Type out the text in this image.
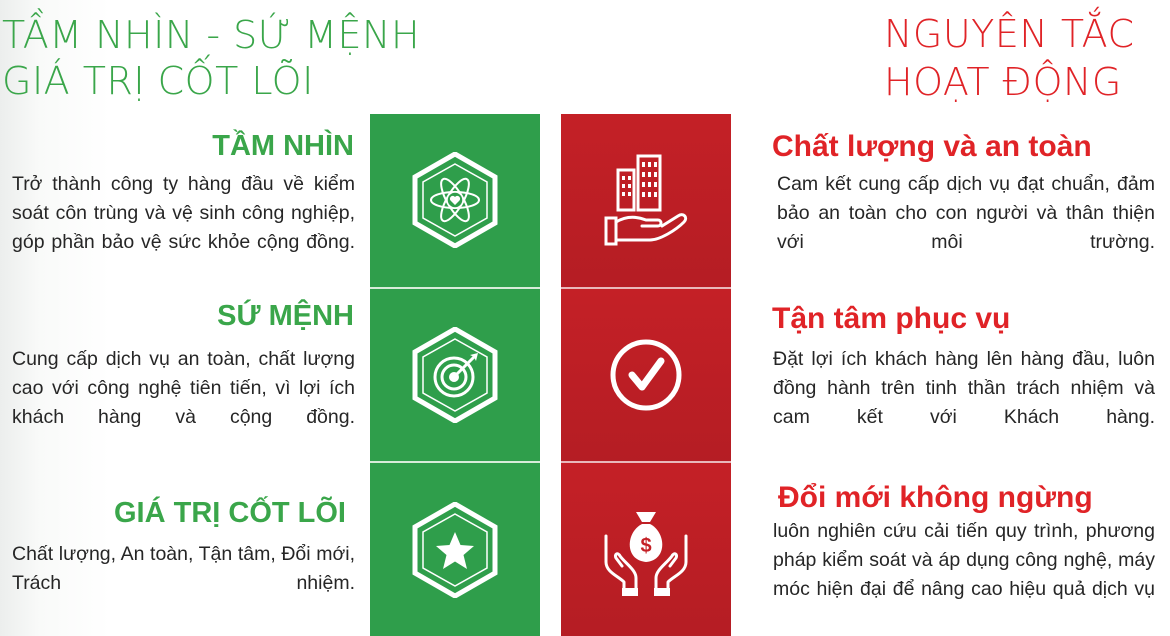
TẦM NHÌN - SỨ MỆNH
GIÁ TRỊ CỐT LÕI
NGUYÊN TẮC
HOẠT ĐỘNG
$
TẦM NHÌN
Trở thành công ty hàng đầu về kiểm soát côn trùng và vệ sinh công nghiệp, góp phần bảo vệ sức khỏe cộng đồng.
SỨ MỆNH
Cung cấp dịch vụ an toàn, chất lượng cao với công nghệ tiên tiến, vì lợi ích khách hàng và cộng đồng.
GIÁ TRỊ CỐT LÕI
Chất lượng, An toàn, Tận tâm, Đổi mới, Trách nhiệm.
Chất lượng và an toàn
Cam kết cung cấp dịch vụ đạt chuẩn, đảm bảo an toàn cho con người và thân thiện với môi trường.
Tận tâm phục vụ
Đặt lợi ích khách hàng lên hàng đầu, luôn đồng hành trên tinh thần trách nhiệm và cam kết với Khách hàng.
Đổi mới không ngừng
luôn nghiên cứu cải tiến quy trình, phương pháp kiểm soát và áp dụng công nghệ, máy móc hiện đại để nâng cao hiệu quả dịch vụ
